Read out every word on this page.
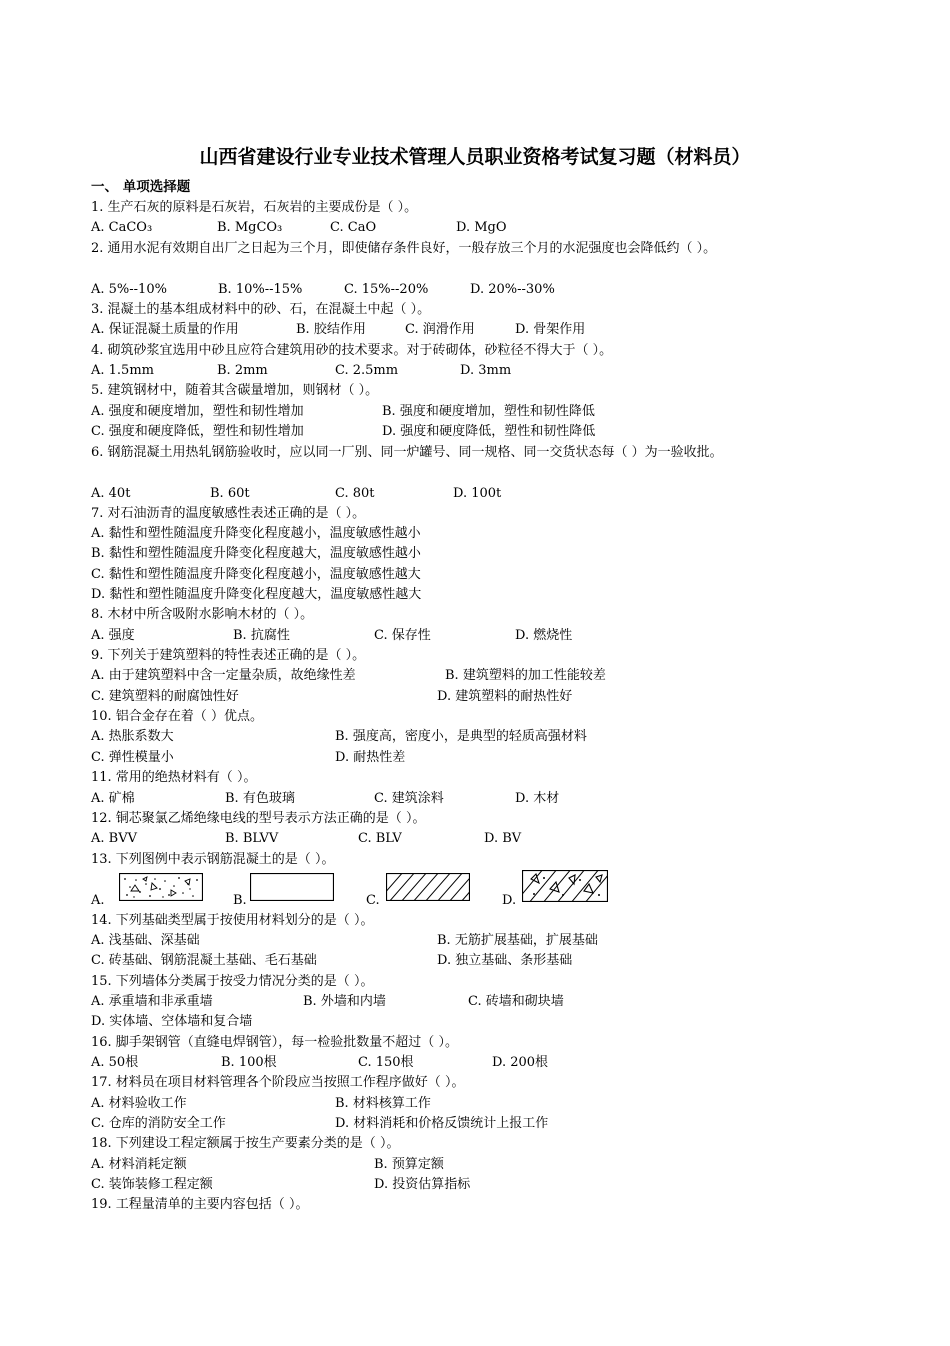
山西省建设行业专业技术管理人员职业资格考试复习题（材料员）
一、 单项选择题
1. 生产石灰的原料是石灰岩，石灰岩的主要成份是（ ）。
A. CaCO₃	B. MgCO₃	C. CaO	D. MgO
2. 通用水泥有效期自出厂之日起为三个月，即使储存条件良好，一般存放三个月的水泥强度也会降低约（ ）。
A. 5%--10%	B. 10%--15%	C. 15%--20%	D. 20%--30%
3. 混凝土的基本组成材料中的砂、石，在混凝土中起（ ）。
A. 保证混凝土质量的作用	B. 胶结作用	C. 润滑作用	D. 骨架作用
4. 砌筑砂浆宜选用中砂且应符合建筑用砂的技术要求。对于砖砌体，砂粒径不得大于（ ）。
A. 1.5mm	B. 2mm	C. 2.5mm	D. 3mm
5. 建筑钢材中，随着其含碳量增加，则钢材（ ）。
A. 强度和硬度增加，塑性和韧性增加	B. 强度和硬度增加，塑性和韧性降低
C. 强度和硬度降低，塑性和韧性增加	D. 强度和硬度降低，塑性和韧性降低
6. 钢筋混凝土用热轧钢筋验收时，应以同一厂别、同一炉罐号、同一规格、同一交货状态每（ ）为一验收批。
A. 40t	B. 60t	C. 80t	D. 100t
7. 对石油沥青的温度敏感性表述正确的是（ ）。
A. 黏性和塑性随温度升降变化程度越小，温度敏感性越小
B. 黏性和塑性随温度升降变化程度越大，温度敏感性越小
C. 黏性和塑性随温度升降变化程度越小，温度敏感性越大
D. 黏性和塑性随温度升降变化程度越大，温度敏感性越大
8. 木材中所含吸附水影响木材的（ ）。
A. 强度	B. 抗腐性	C. 保存性	D. 燃烧性
9. 下列关于建筑塑料的特性表述正确的是（ ）。
A. 由于建筑塑料中含一定量杂质，故绝缘性差	B. 建筑塑料的加工性能较差
C. 建筑塑料的耐腐蚀性好	D. 建筑塑料的耐热性好
10. 铝合金存在着（ ）优点。
A. 热胀系数大	B. 强度高，密度小，是典型的轻质高强材料
C. 弹性模量小	D. 耐热性差
11. 常用的绝热材料有（ ）。
A. 矿棉	B. 有色玻璃	C. 建筑涂料	D. 木材
12. 铜芯聚氯乙烯绝缘电线的型号表示方法正确的是（ ）。
A. BVV	B. BLVV	C. BLV	D. BV
13. 下列图例中表示钢筋混凝土的是（ ）。
A.	B.	C.	D.
14. 下列基础类型属于按使用材料划分的是（ ）。
A. 浅基础、深基础	B. 无筋扩展基础，扩展基础
C. 砖基础、钢筋混凝土基础、毛石基础	D. 独立基础、条形基础
15. 下列墙体分类属于按受力情况分类的是（ ）。
A. 承重墙和非承重墙	B. 外墙和内墙	C. 砖墙和砌块墙
D. 实体墙、空体墙和复合墙
16. 脚手架钢管（直缝电焊钢管），每一检验批数量不超过（ ）。
A. 50根	B. 100根	C. 150根	D. 200根
17. 材料员在项目材料管理各个阶段应当按照工作程序做好（ ）。
A. 材料验收工作	B. 材料核算工作
C. 仓库的消防安全工作	D. 材料消耗和价格反馈统计上报工作
18. 下列建设工程定额属于按生产要素分类的是（ ）。
A. 材料消耗定额	B. 预算定额
C. 装饰装修工程定额	D. 投资估算指标
19. 工程量清单的主要内容包括（ ）。
